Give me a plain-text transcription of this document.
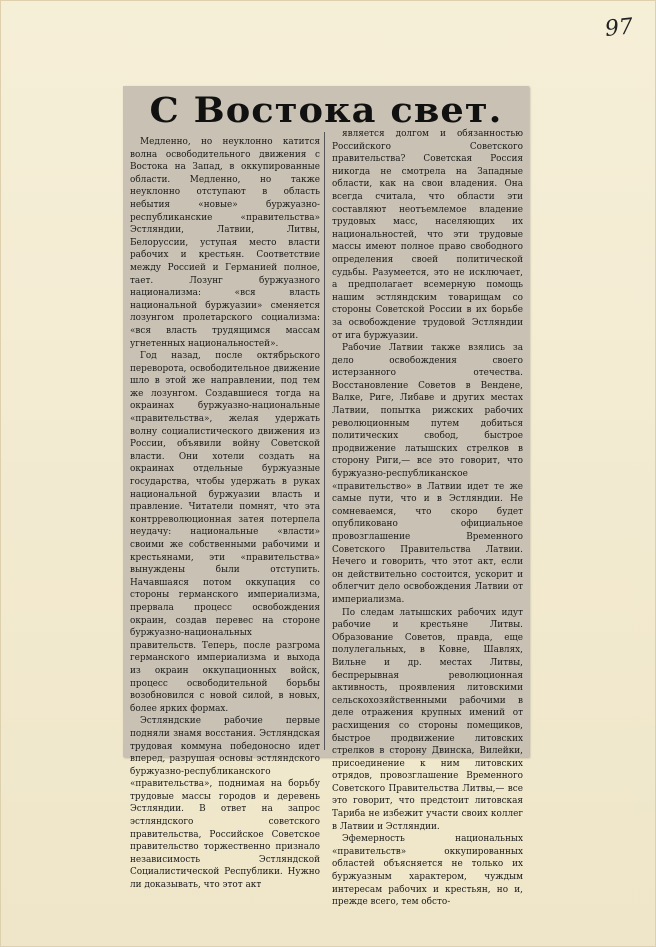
97
С Востока свет.

Медленно, но неуклонно катится волна освободительного движения с Востока на Запад, в оккупированные области. Медленно, но также неуклонно отступают в область небытия «новые» буржуазно-республиканские «правительства» Эстляндии, Латвии, Литвы, Белоруссии, уступая место власти рабочих и крестьян. Соответствие между Россией и Германией полное, тает. Лозунг буржуазного национализма: «вся власть национальной буржуазии» сменяется лозунгом пролетарского социализма: «вся власть трудящимся массам угнетенных национальностей».

Год назад, после октябрьского переворота, освободительное движение шло в этой же направлении, под тем же лозунгом. Создавшиеся тогда на окраинах буржуазно-национальные «правительства», желая удержать волну социалистического движения из России, объявили войну Советской власти. Они хотели создать на окраинах отдельные буржуазные государства, чтобы удержать в руках национальной буржуазии власть и правление. Читатели помнят, что эта контрреволюционная затея потерпела неудачу: национальные «власти» своими же собственными рабочими и крестьянами, эти «правительства» вынуждены были отступить. Начавшаяся потом оккупация со стороны германского империализма, прервала процесс освобождения окраин, создав перевес на стороне буржуазно-национальных правительств. Теперь, после разгрома германского империализма и выхода из окраин оккупационных войск, процесс освободительной борьбы возобновился с новой силой, в новых, более ярких формах.

Эстляндские рабочие первые подняли знамя восстания. Эстляндская трудовая коммуна победоносно идет вперед, разрушая основы эстляндского буржуазно-республиканского «правительства», поднимая на борьбу трудовые массы городов и деревень Эстляндии. В ответ на запрос эстляндского советского правительства, Российское Советское правительство торжественно признало независимость Эстляндской Социалистической Республики. Нужно ли доказывать, что этот акт

является долгом и обязанностью Российского Советского правительства? Советская Россия никогда не смотрела на Западные области, как на свои владения. Она всегда считала, что области эти составляют неотъемлемое владение трудовых масс, населяющих их национальностей, что эти трудовые массы имеют полное право свободного определения своей политической судьбы. Разумеется, это не исключает, а предполагает всемерную помощь нашим эстляндским товарищам со стороны Советской России в их борьбе за освобождение трудовой Эстляндии от ига буржуазии.

Рабочие Латвии также взялись за дело освобождения своего истерзанного отечества. Восстановление Советов в Вендене, Валке, Риге, Либаве и других местах Латвии, попытка рижских рабочих революционным путем добиться политических свобод, быстрое продвижение латышских стрелков в сторону Риги,— все это говорит, что буржуазно-республиканское «правительство» в Латвии идет те же самые пути, что и в Эстляндии. Не сомневаемся, что скоро будет опубликовано официальное провозглашение Временного Советского Правительства Латвии. Нечего и говорить, что этот акт, если он действительно состоится, ускорит и облегчит дело освобождения Латвии от империализма.

По следам латышских рабочих идут рабочие и крестьяне Литвы. Образование Советов, правда, еще полулегальных, в Ковне, Шавлях, Вильне и др. местах Литвы, беспрерывная революционная активность, проявления литовскими сельскохозяйственными рабочими в деле отражения крупных имений от расхищения со стороны помещиков, быстрое продвижение литовских стрелков в сторону Двинска, Вилейки, присоединение к ним литовских отрядов, провозглашение Временного Советского Правительства Литвы,— все это говорит, что предстоит литовская Тариба не избежит участи своих коллег в Латвии и Эстляндии.

Эфемерность национальных «правительств» оккупированных областей объясняется не только их буржуазным характером, чуждым интересам рабочих и крестьян, но и, прежде всего, тем обсто-
